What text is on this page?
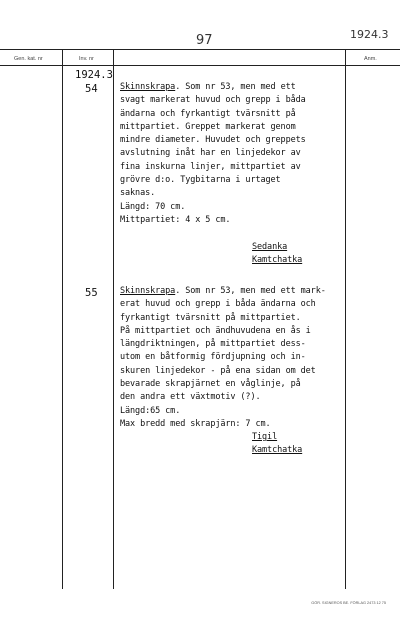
97	1924.3
Gen. kat. nr	Inv. nr	Anm.
1924.3
54	Skinnskrapa. Som nr 53, men med ett
svagt markerat huvud och grepp i båda
ändarna och fyrkantigt tvärsnitt på
mittpartiet. Greppet markerat genom
mindre diameter. Huvudet och greppets
avslutning inåt har en linjedekor av
fina inskurna linjer, mittpartiet av
grövre d:o. Tygbitarna i urtaget
saknas.
Längd: 70 cm.
Mittpartiet: 4 x 5 cm.
Sedanka
Kamtchatka
55	Skinnskrapa. Som nr 53, men med ett mark-
erat huvud och grepp i båda ändarna och
fyrkantigt tvärsnitt på mittpartiet.
På mittpartiet och ändhuvudena en ås i
längdriktningen, på mittpartiet dess-
utom en båtformig fördjupning och in-
skuren linjedekor - på ena sidan om det
bevarade skrapjärnet en våglinje, på
den andra ett växtmotiv (?).
Längd:65 cm.
Max bredd med skrapjärn: 7 cm.
Tigil
Kamtchatka
GÖR. SIGNEROS BE. FÖRLAG 2473 12 75
